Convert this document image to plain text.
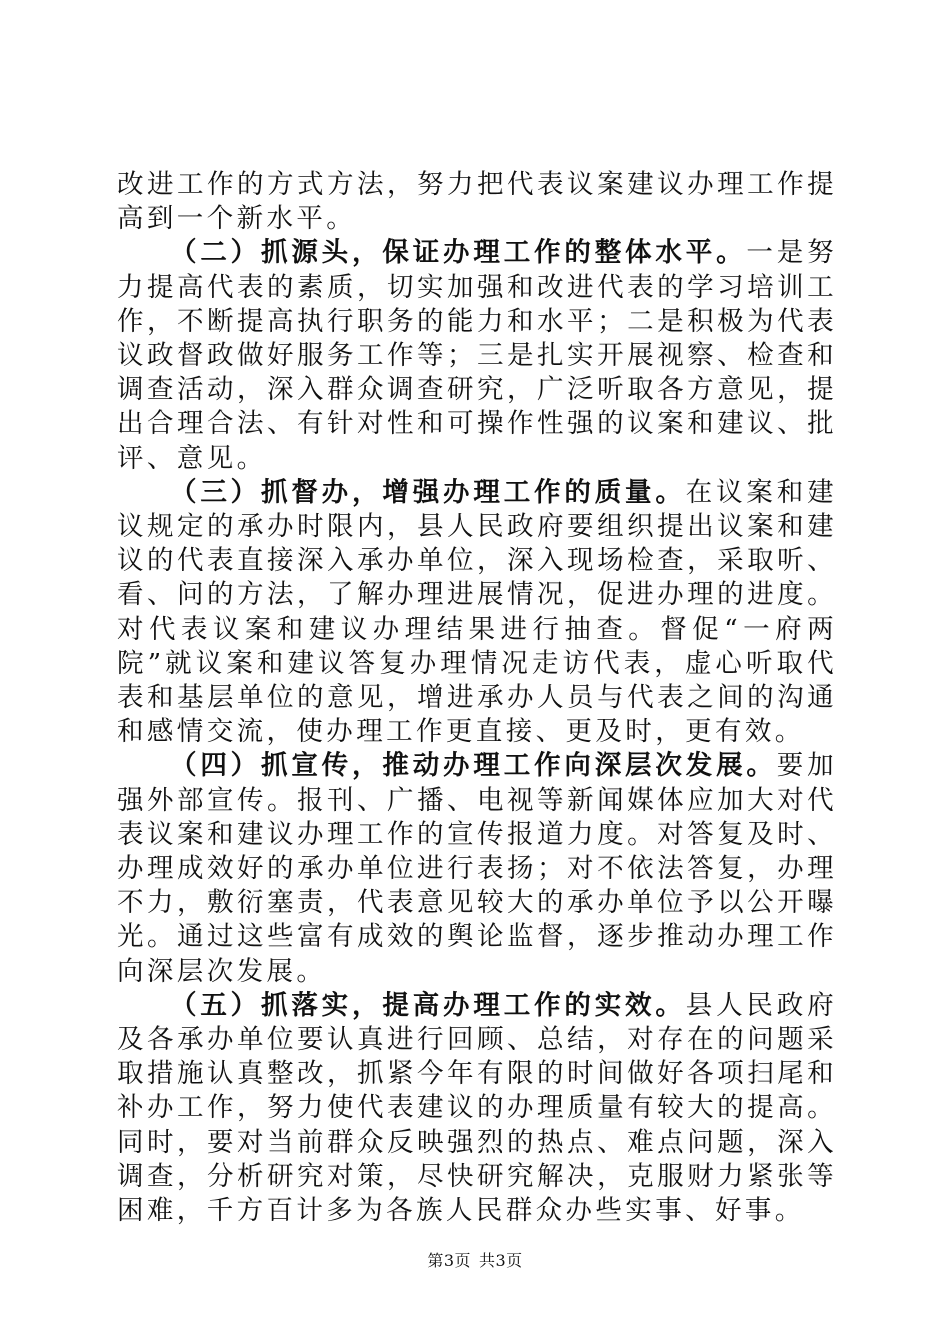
改进工作的方式方法，努力把代表议案建议办理工作提高到一个新水平。

（二）抓源头，保证办理工作的整体水平。一是努力提高代表的素质，切实加强和改进代表的学习培训工作，不断提高执行职务的能力和水平；二是积极为代表议政督政做好服务工作等；三是扎实开展视察、检查和调查活动，深入群众调查研究，广泛听取各方意见，提出合理合法、有针对性和可操作性强的议案和建议、批评、意见。

（三）抓督办，增强办理工作的质量。在议案和建议规定的承办时限内，县人民政府要组织提出议案和建议的代表直接深入承办单位，深入现场检查，采取听、看、问的方法，了解办理进展情况，促进办理的进度。对代表议案和建议办理结果进行抽查。督促“一府两院”就议案和建议答复办理情况走访代表，虚心听取代表和基层单位的意见，增进承办人员与代表之间的沟通和感情交流，使办理工作更直接、更及时，更有效。

（四）抓宣传，推动办理工作向深层次发展。要加强外部宣传。报刊、广播、电视等新闻媒体应加大对代表议案和建议办理工作的宣传报道力度。对答复及时、办理成效好的承办单位进行表扬；对不依法答复，办理不力，敷衍塞责，代表意见较大的承办单位予以公开曝光。通过这些富有成效的舆论监督，逐步推动办理工作向深层次发展。

（五）抓落实，提高办理工作的实效。县人民政府及各承办单位要认真进行回顾、总结，对存在的问题采取措施认真整改，抓紧今年有限的时间做好各项扫尾和补办工作，努力使代表建议的办理质量有较大的提高。同时，要对当前群众反映强烈的热点、难点问题，深入调查，分析研究对策，尽快研究解决，克服财力紧张等困难，千方百计多为各族人民群众办些实事、好事。

第3页 共3页
